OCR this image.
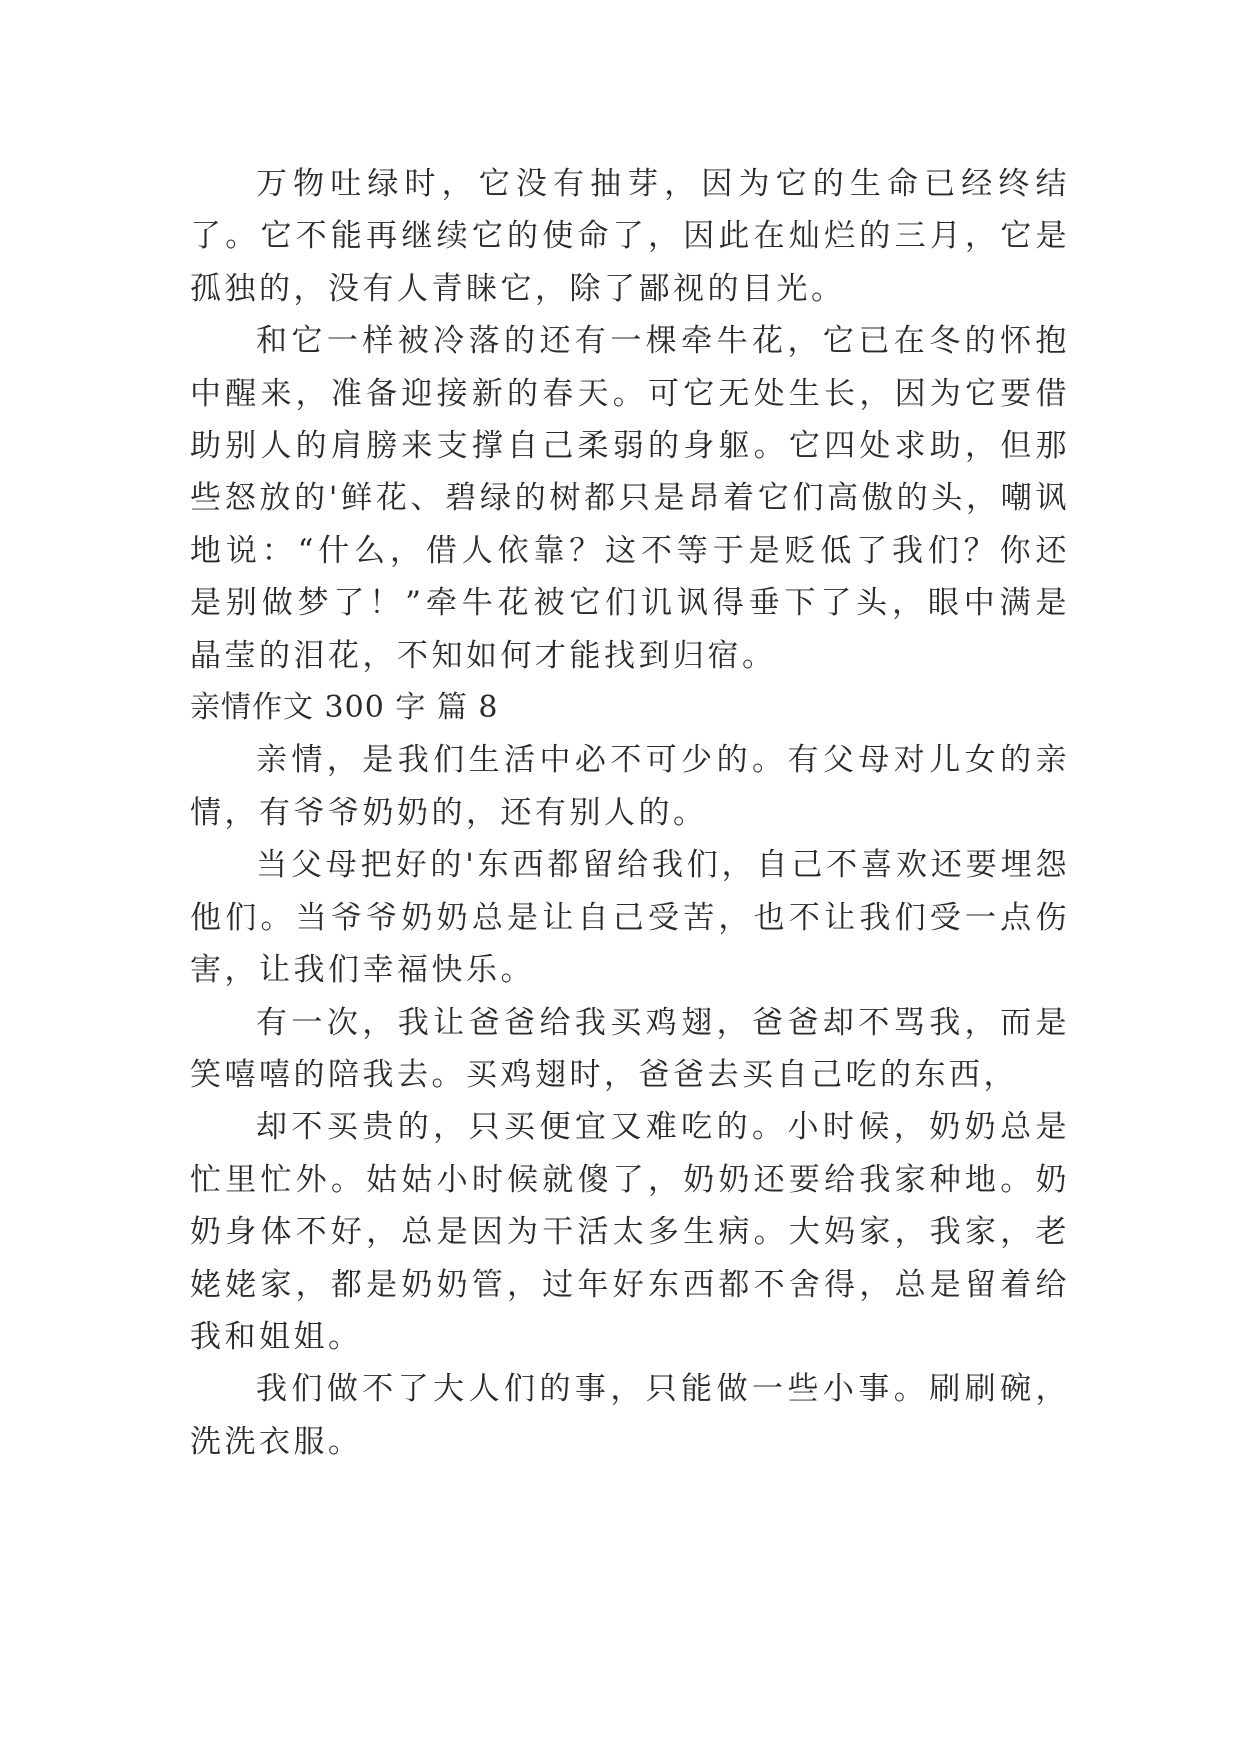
万物吐绿时，它没有抽芽，因为它的生命已经终结了。它不能再继续它的使命了，因此在灿烂的三月，它是孤独的，没有人青睐它，除了鄙视的目光。

和它一样被冷落的还有一棵牵牛花，它已在冬的怀抱中醒来，准备迎接新的春天。可它无处生长，因为它要借助别人的肩膀来支撑自己柔弱的身躯。它四处求助，但那些怒放的'鲜花、碧绿的树都只是昂着它们高傲的头，嘲讽地说：“什么，借人依靠？这不等于是贬低了我们？你还是别做梦了！”牵牛花被它们讥讽得垂下了头，眼中满是晶莹的泪花，不知如何才能找到归宿。

亲情作文 300 字 篇 8

亲情，是我们生活中必不可少的。有父母对儿女的亲情，有爷爷奶奶的，还有别人的。

当父母把好的'东西都留给我们，自己不喜欢还要埋怨他们。当爷爷奶奶总是让自己受苦，也不让我们受一点伤害，让我们幸福快乐。

有一次，我让爸爸给我买鸡翅，爸爸却不骂我，而是笑嘻嘻的陪我去。买鸡翅时，爸爸去买自己吃的东西，

却不买贵的，只买便宜又难吃的。小时候，奶奶总是忙里忙外。姑姑小时候就傻了，奶奶还要给我家种地。奶奶身体不好，总是因为干活太多生病。大妈家，我家，老姥姥家，都是奶奶管，过年好东西都不舍得，总是留着给我和姐姐。

我们做不了大人们的事，只能做一些小事。刷刷碗，洗洗衣服。
